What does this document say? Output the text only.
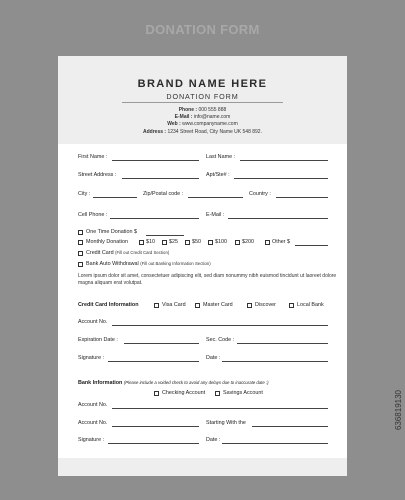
DONATION FORM
BRAND NAME HERE
DONATION FORM
Phone : 000 555 888
E-Mail : info@name.com
Web : www.companyname.com
Address : 1234 Street Road, City Name UK 548 892.
First Name :	Last Name :
Street Address :	Apt/Ste# :
City :	Zip/Postal code :	Country :
Cell Phone :	E-Mail :
One Time Donation $
Monthly Donation	$10	$25	$50	$100	$200	Other $
Credit Card (Fill out Credit Card Section)
Bank Auto Withdrawal (Fill out Banking Information Section)
Lorem ipsum dolor sit amet, consectetuer adipiscing elit, sed diam nonummy nibh euismod tincidunt ut laoreet dolore magna aliquam erat volutpat.
Credit Card Information	Visa Card	Master Card	Discover	Local Bank
Account No.
Expiration Date :	Sec. Code :
Signature :	Date :
Bank Information (Please include a voided check to avoid any delays due to inaccurate date :)
Checking Account	Savings Account
Account No.
Account No.	Starting With the
Signature :	Date :
636819130
